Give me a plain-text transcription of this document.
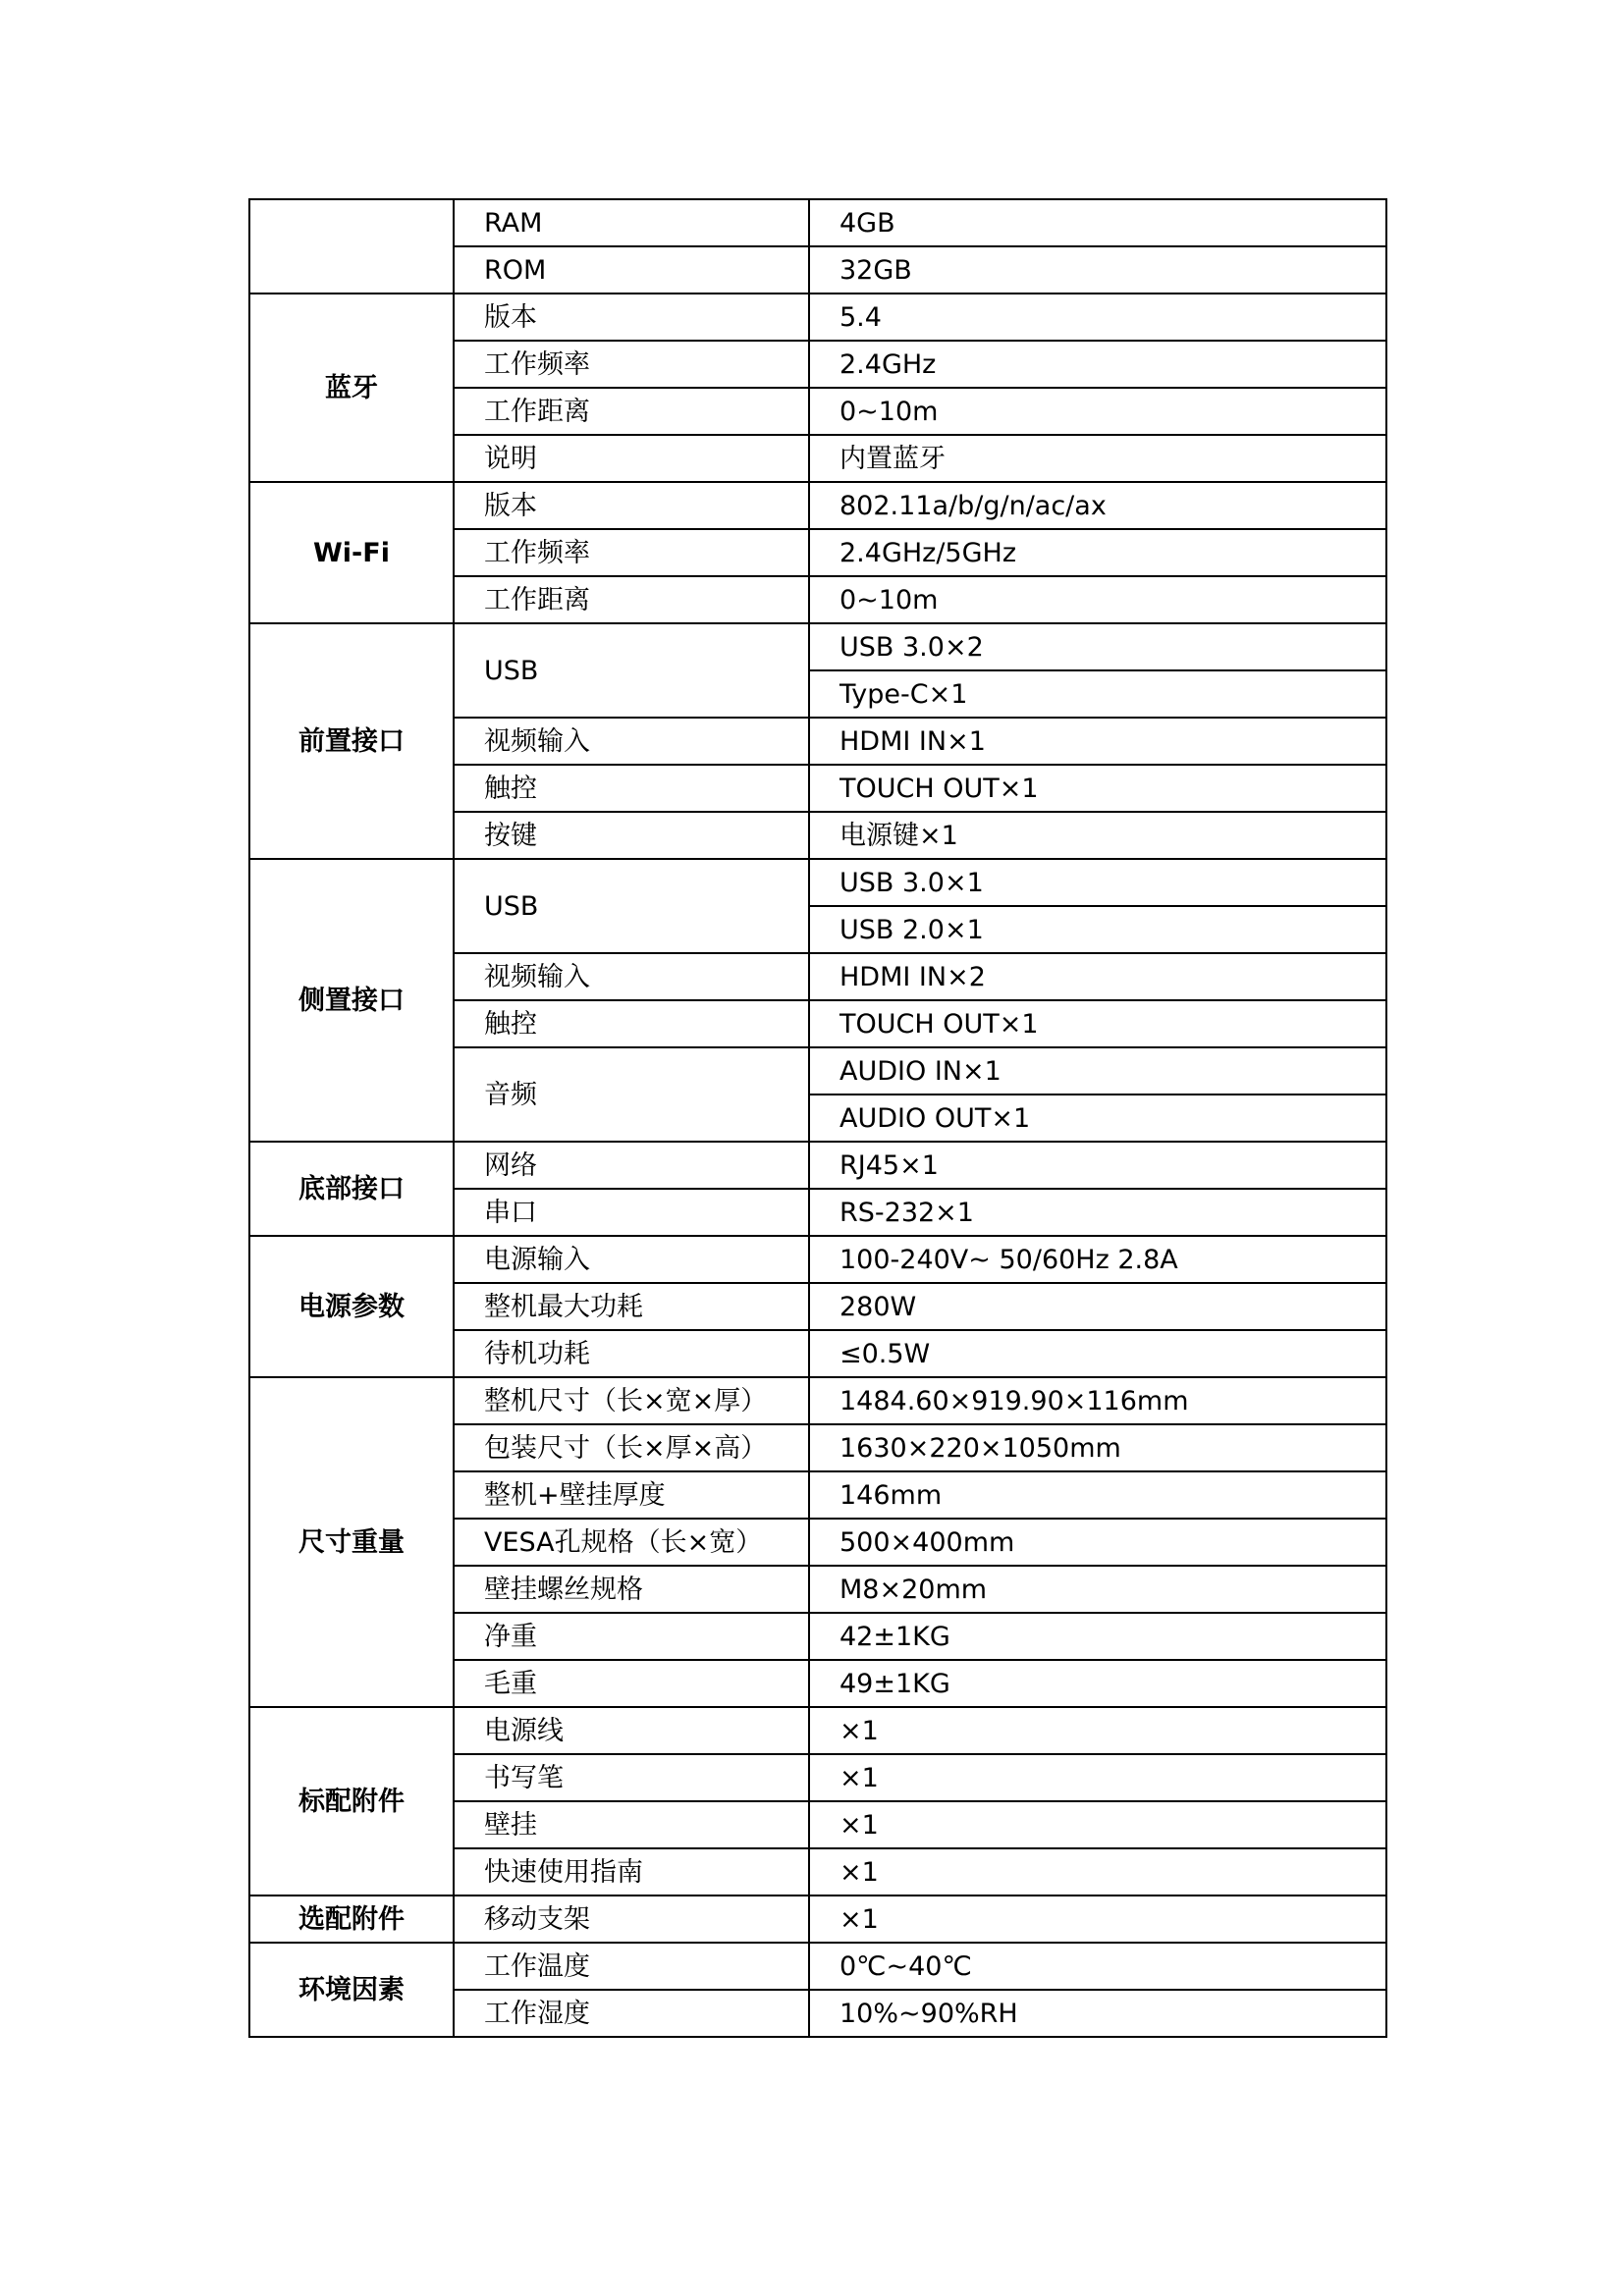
	RAM	4GB
	ROM	32GB
蓝牙	版本	5.4
	工作频率	2.4GHz
	工作距离	0~10m
	说明	内置蓝牙
Wi-Fi	版本	802.11a/b/g/n/ac/ax
	工作频率	2.4GHz/5GHz
	工作距离	0~10m
前置接口	USB	USB 3.0×2
		Type-C×1
	视频输入	HDMI IN×1
	触控	TOUCH OUT×1
	按键	电源键×1
侧置接口	USB	USB 3.0×1
		USB 2.0×1
	视频输入	HDMI IN×2
	触控	TOUCH OUT×1
	音频	AUDIO IN×1
		AUDIO OUT×1
底部接口	网络	RJ45×1
	串口	RS-232×1
电源参数	电源输入	100-240V~ 50/60Hz 2.8A
	整机最大功耗	280W
	待机功耗	≤0.5W
尺寸重量	整机尺寸（长×宽×厚）	1484.60×919.90×116mm
	包装尺寸（长×厚×高）	1630×220×1050mm
	整机+壁挂厚度	146mm
	VESA孔规格（长×宽）	500×400mm
	壁挂螺丝规格	M8×20mm
	净重	42±1KG
	毛重	49±1KG
标配附件	电源线	×1
	书写笔	×1
	壁挂	×1
	快速使用指南	×1
选配附件	移动支架	×1
环境因素	工作温度	0℃~40℃
	工作湿度	10%~90%RH
